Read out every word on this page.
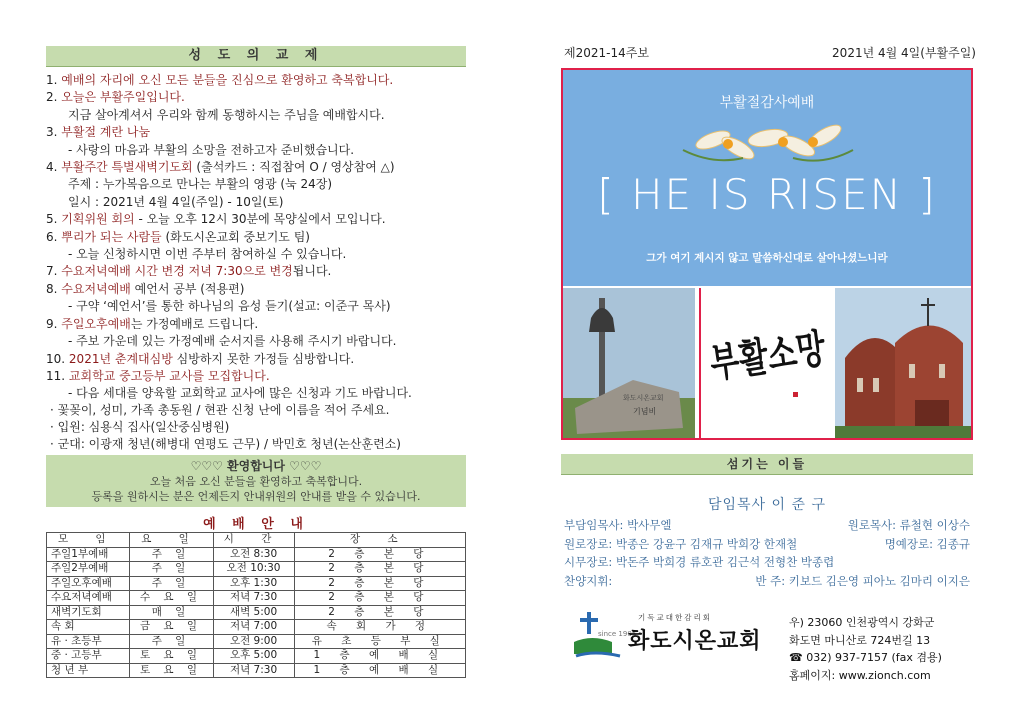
성 도 의 교 제
1. 예배의 자리에 오신 모든 분들을 진심으로 환영하고 축복합니다.
2. 오늘은 부활주일입니다.
지금 살아계셔서 우리와 함께 동행하시는 주님을 예배합시다.
3. 부활절 계란 나눔
- 사랑의 마음과 부활의 소망을 전하고자 준비했습니다.
4. 부활주간 특별새벽기도회 (출석카드 : 직접참여 O / 영상참여 △)
주제 : 누가복음으로 만나는 부활의 영광 (눅 24장)
일시 : 2021년 4월 4일(주일) - 10일(토)
5. 기획위원 회의 - 오늘 오후 12시 30분에 목양실에서 모입니다.
6. 뿌리가 되는 사람들 (화도시온교회 중보기도 팀)
- 오늘 신청하시면 이번 주부터 참여하실 수 있습니다.
7. 수요저녁예배 시간 변경 저녁 7:30으로 변경됩니다.
8. 수요저녁예배 예언서 공부 (적용편)
- 구약 ‘예언서’를 통한 하나님의 음성 듣기(설교: 이준구 목사)
9. 주일오후예배는 가정예배로 드립니다.
- 주보 가운데 있는 가정예배 순서지를 사용해 주시기 바랍니다.
10. 2021년 춘계대심방 심방하지 못한 가정들 심방합니다.
11. 교회학교 중고등부 교사를 모집합니다.
- 다음 세대를 양육할 교회학교 교사에 많은 신청과 기도 바랍니다.
· 꽃꽂이, 성미, 가족 총동원 / 현관 신청 난에 이름을 적어 주세요.
· 입원: 심용식 집사(일산중심병원)
· 군대: 이광재 청년(해병대 연평도 근무) / 박민호 청년(논산훈련소)
♡♡♡ 환영합니다 ♡♡♡
오늘 처음 오신 분들을 환영하고 축복합니다.
등록을 원하시는 분은 언제든지 안내위원의 안내를 받을 수 있습니다.
예 배 안 내
모 임	요 일	시 간	장 소
주일1부예배	주 일	오전 8:30	2 층 본 당
주일2부예배	주 일	오전 10:30	2 층 본 당
주일오후예배	주 일	오후 1:30	2 층 본 당
수요저녁예배	수 요 일	저녁 7:30	2 층 본 당
새벽기도회	매 일	새벽 5:00	2 층 본 당
속 회	금 요 일	저녁 7:00	속 회 가 정
유 · 초등부	주 일	오전 9:00	유 초 등 부 실
중 · 고등부	토 요 일	오후 5:00	1 층 예 배 실
청 년 부	토 요 일	저녁 7:30	1 층 예 배 실
제2021-14주보	2021년 4월 4일(부활주일)
부활절감사예배
[ HE IS RISEN ]
그가 여기 계시지 않고 말씀하신대로 살아나셨느니라
화도시온교회
기념비
부활소망
섬기는 이들
담임목사 이 준 구
부담임목사: 박사무엘	원로목사: 류철현 이상수
원로장로: 박종은 강윤구 김재규 박희강 한재철	명예장로: 김종규
시무장로: 박돈주 박희경 류호관 김근석 전형찬 박종렵
찬양지휘:	반 주: 키보드 김은영 피아노 김마리 이지은
since 1905
기독교대한감리회
화도시온교회
우) 23060 인천광역시 강화군
화도면 마니산로 724번길 13
☎ 032) 937-7157 (fax 겸용)
홈페이지: www.zionch.com
